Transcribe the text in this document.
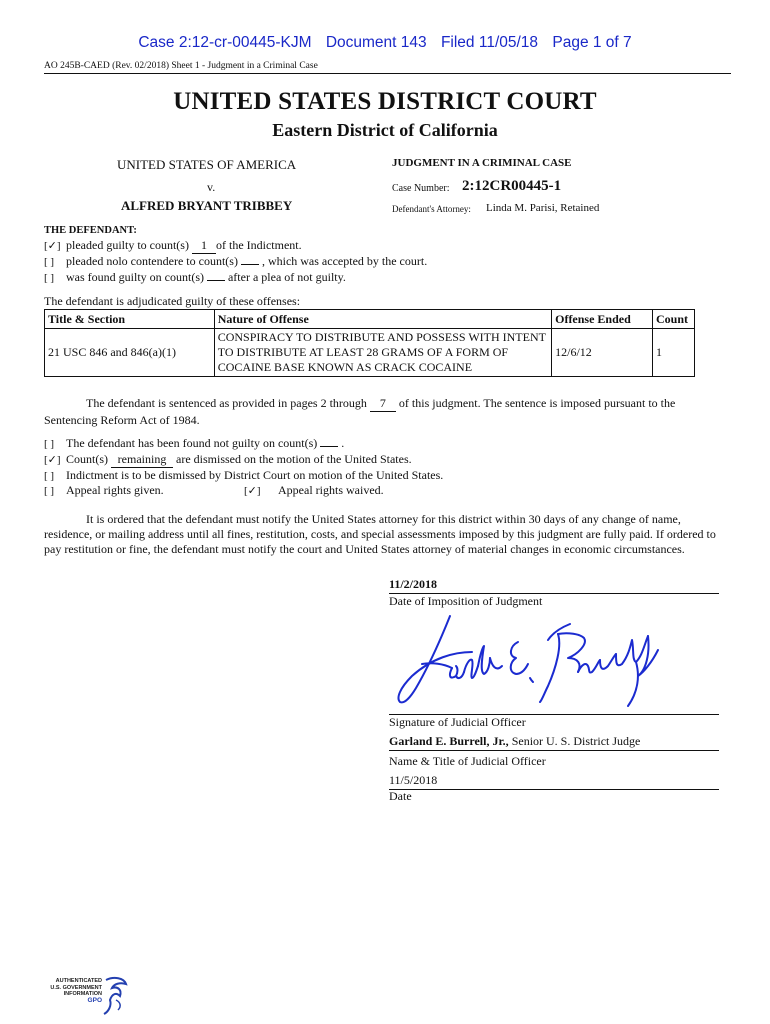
Case 2:12-cr-00445-KJM Document 143 Filed 11/05/18 Page 1 of 7
AO 245B-CAED (Rev. 02/2018) Sheet 1 - Judgment in a Criminal Case
UNITED STATES DISTRICT COURT
Eastern District of California
UNITED STATES OF AMERICA
v.
ALFRED BRYANT TRIBBEY
JUDGMENT IN A CRIMINAL CASE
Case Number: 2:12CR00445-1
Defendant's Attorney: Linda M. Parisi, Retained
THE DEFENDANT:
[✓] pleaded guilty to count(s) 1 of the Indictment.
[ ] pleaded nolo contendere to count(s) , which was accepted by the court.
[ ] was found guilty on count(s) after a plea of not guilty.
The defendant is adjudicated guilty of these offenses:
Title & Section	Nature of Offense	Offense Ended	Count
21 USC 846 and 846(a)(1)	CONSPIRACY TO DISTRIBUTE AND POSSESS WITH INTENT TO DISTRIBUTE AT LEAST 28 GRAMS OF A FORM OF COCAINE BASE KNOWN AS CRACK COCAINE	12/6/12	1
The defendant is sentenced as provided in pages 2 through 7 of this judgment. The sentence is imposed pursuant to the Sentencing Reform Act of 1984.
[ ] The defendant has been found not guilty on count(s) .
[✓] Count(s) remaining are dismissed on the motion of the United States.
[ ] Indictment is to be dismissed by District Court on motion of the United States.
[ ] Appeal rights given.	[✓] Appeal rights waived.
It is ordered that the defendant must notify the United States attorney for this district within 30 days of any change of name, residence, or mailing address until all fines, restitution, costs, and special assessments imposed by this judgment are fully paid. If ordered to pay restitution or fine, the defendant must notify the court and United States attorney of material changes in economic circumstances.
11/2/2018
Date of Imposition of Judgment
Signature of Judicial Officer
Garland E. Burrell, Jr., Senior U. S. District Judge
Name & Title of Judicial Officer
11/5/2018
Date
AUTHENTICATED
U.S. GOVERNMENT
INFORMATION
GPO
